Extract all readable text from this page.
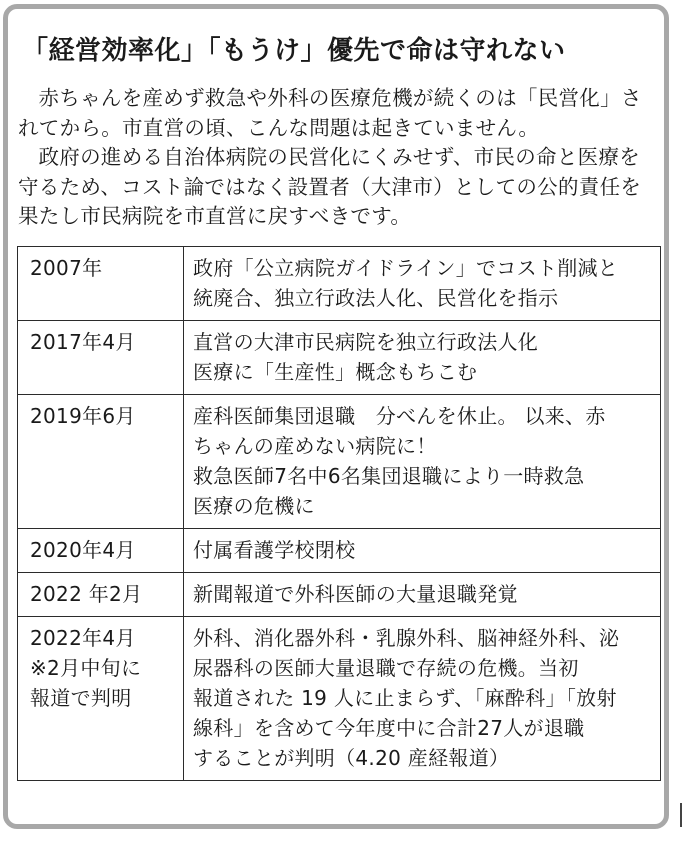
「経営効率化」「もうけ」優先で命は守れない

赤ちゃんを産めず救急や外科の医療危機が続くのは「民営化」されてから。市直営の頃、こんな問題は起きていません。

政府の進める自治体病院の民営化にくみせず、市民の命と医療を守るため、コスト論ではなく設置者（大津市）としての公的責任を果たし市民病院を市直営に戻すべきです。

2007年	政府「公立病院ガイドライン」でコスト削減と
統廃合、独立行政法人化、民営化を指示

2017年4月	直営の大津市民病院を独立行政法人化
医療に「生産性」概念もちこむ

2019年6月	産科医師集団退職　分べんを休止。 以来、赤
ちゃんの産めない病院に！
救急医師7名中6名集団退職により一時救急
医療の危機に

2020年4月	付属看護学校閉校

2022 年2月	新聞報道で外科医師の大量退職発覚

2022年4月
※2月中旬に
報道で判明	外科、消化器外科・乳腺外科、脳神経外科、泌
尿器科の医師大量退職で存続の危機。当初
報道された 19 人に止まらず、「麻酔科」「放射
線科」を含めて今年度中に合計27人が退職
することが判明（4.20 産経報道）
